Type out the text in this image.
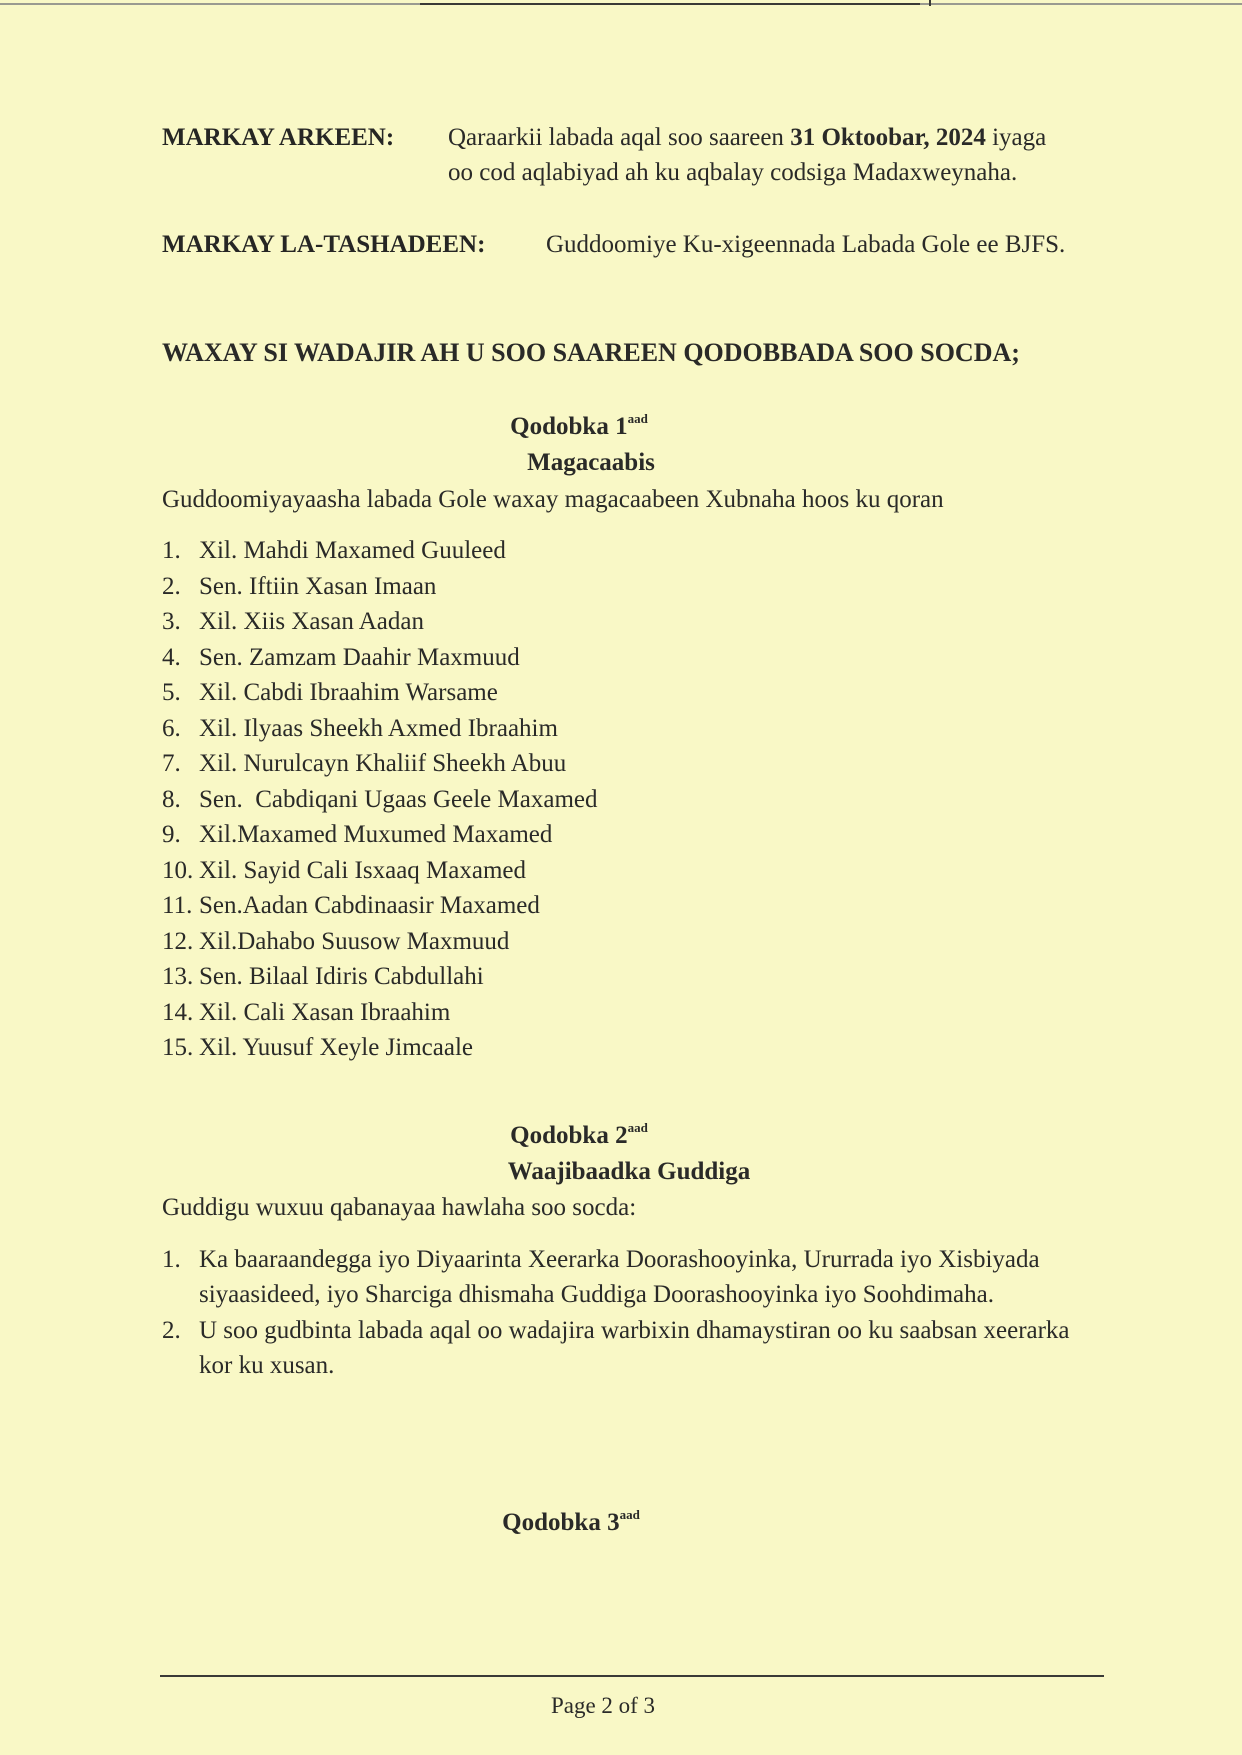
MARKAY ARKEEN: Qaraarkii labada aqal soo saareen 31 Oktoobar, 2024 iyaga
oo cod aqlabiyad ah ku aqbalay codsiga Madaxweynaha.
MARKAY LA-TASHADEEN: Guddoomiye Ku-xigeennada Labada Gole ee BJFS.
WAXAY SI WADAJIR AH U SOO SAAREEN QODOBBADA SOO SOCDA;
Qodobka $1^{aad}$
Magacaabis
Guddoomiyayaasha labada Gole waxay magacaabeen Xubnaha hoos ku qoran
1. Xil. Mahdi Maxamed Guuleed
2. Sen. Iftiin Xasan Imaan
3. Xil. Xiis Xasan Aadan
4. Sen. Zamzam Daahir Maxmuud
5. Xil. Cabdi Ibraahim Warsame
6. Xil. Ilyaas Sheekh Axmed Ibraahim
7. Xil. Nurulcayn Khaliif Sheekh Abuu
8. Sen.  Cabdiqani Ugaas Geele Maxamed
9. Xil.Maxamed Muxumed Maxamed
10. Xil. Sayid Cali Isxaaq Maxamed
11. Sen.Aadan Cabdinaasir Maxamed
12. Xil.Dahabo Suusow Maxmuud
13. Sen. Bilaal Idiris Cabdullahi
14. Xil. Cali Xasan Ibraahim
15. Xil. Yuusuf Xeyle Jimcaale
Qodobka $2^{aad}$
Waajibaadka Guddiga
Guddigu wuxuu qabanayaa hawlaha soo socda:
1. Ka baaraandegga iyo Diyaarinta Xeerarka Doorashooyinka, Ururrada iyo Xisbiyada siyaasideed, iyo Sharciga dhismaha Guddiga Doorashooyinka iyo Soohdimaha.
2. U soo gudbinta labada aqal oo wadajira warbixin dhamaystiran oo ku saabsan xeerarka kor ku xusan.
Qodobka $3^{aad}$
Page 2 of 3
